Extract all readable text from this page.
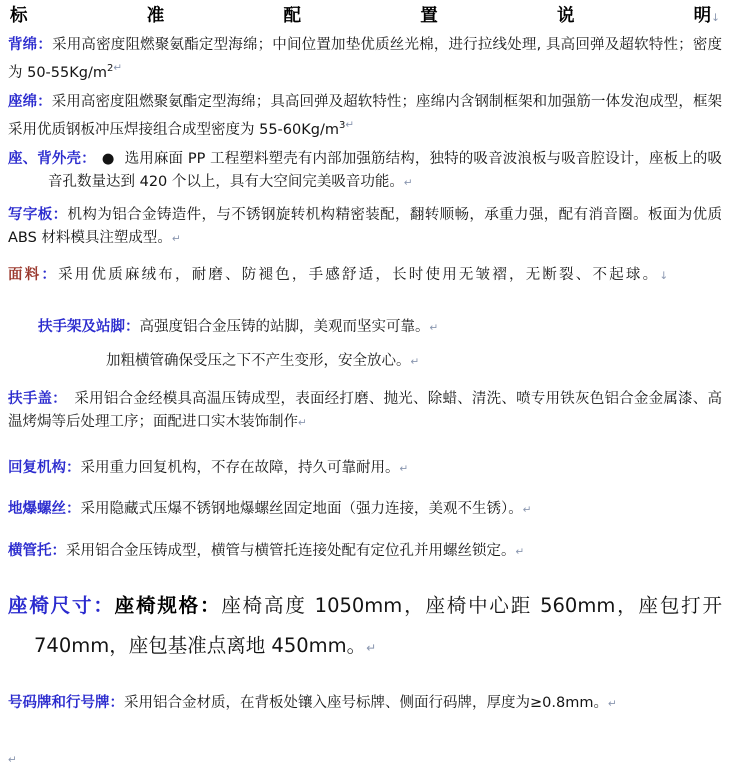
标	准	配	置	说	明↓
背绵：采用高密度阻燃聚氨酯定型海绵；中间位置加垫优质丝光棉，进行拉线处理, 具高回弹及超软特性；密度为 $50-55Kg/m^{2↵}$
座绵：采用高密度阻燃聚氨酯定型海绵；具高回弹及超软特性；座绵内含钢制框架和加强筋一体发泡成型，框架采用优质钢板冲压焊接组合成型密度为 $55-60Kg/m^{3↵}$
座、背外壳： ● 选用麻面 PP 工程塑料塑壳有内部加强筋结构，独特的吸音波浪板与吸音腔设计，座板上的吸音孔数量达到 420 个以上，具有大空间完美吸音功能。↵
写字板：机构为铝合金铸造件，与不锈钢旋转机构精密装配，翻转顺畅，承重力强，配有消音圈。板面为优质 ABS 材料模具注塑成型。↵
面料：采用优质麻绒布，耐磨、防褪色，手感舒适，长时使用无皱褶，无断裂、不起球。↓
扶手架及站脚：高强度铝合金压铸的站脚，美观而坚实可靠。↵
加粗横管确保受压之下不产生变形，安全放心。↵
扶手盖：　采用铝合金经模具高温压铸成型，表面经打磨、抛光、除蜡、清洗、喷专用铁灰色铝合金金属漆、高温烤焗等后处理工序；面配进口实木装饰制作↵
回复机构：采用重力回复机构，不存在故障，持久可靠耐用。↵
地爆螺丝：采用隐藏式压爆不锈钢地爆螺丝固定地面（强力连接，美观不生锈）。↵
横管托：采用铝合金压铸成型，横管与横管托连接处配有定位孔并用螺丝锁定。↵
座椅尺寸：座椅规格：座椅高度 1050mm，座椅中心距 560mm，座包打开 740mm，座包基准点离地 450mm。↵
号码牌和行号牌：采用铝合金材质，在背板处镶入座号标牌、侧面行码牌，厚度为≥0.8mm。↵
↵
